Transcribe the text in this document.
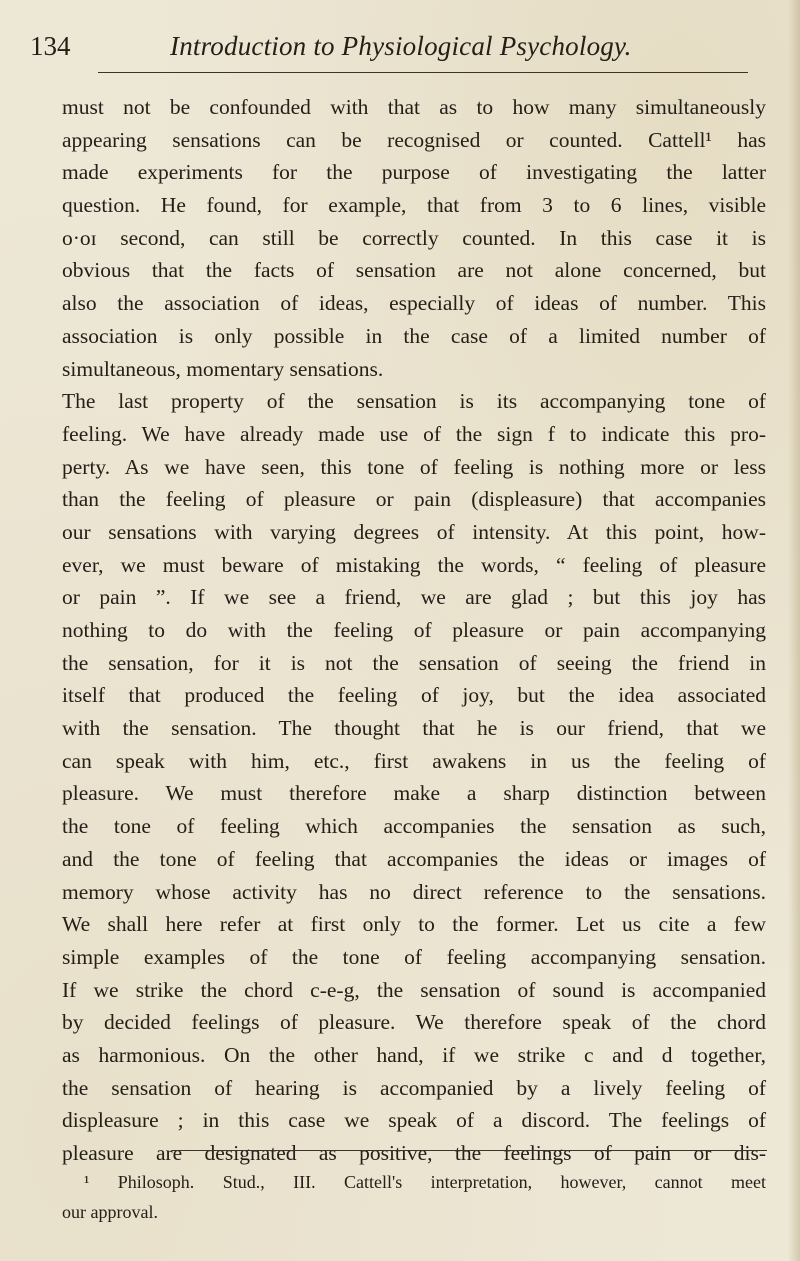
134	Introduction to Physiological Psychology.
must not be confounded with that as to how many simultaneously
appearing sensations can be recognised or counted. Cattell¹ has
made experiments for the purpose of investigating the latter
question. He found, for example, that from 3 to 6 lines, visible
o·oɪ second, can still be correctly counted. In this case it is
obvious that the facts of sensation are not alone concerned, but
also the association of ideas, especially of ideas of number. This
association is only possible in the case of a limited number of
simultaneous, momentary sensations.
The last property of the sensation is its accompanying tone of
feeling. We have already made use of the sign f to indicate this pro-
perty. As we have seen, this tone of feeling is nothing more or less
than the feeling of pleasure or pain (displeasure) that accompanies
our sensations with varying degrees of intensity. At this point, how-
ever, we must beware of mistaking the words, “ feeling of pleasure
or pain ”. If we see a friend, we are glad ; but this joy has
nothing to do with the feeling of pleasure or pain accompanying
the sensation, for it is not the sensation of seeing the friend in
itself that produced the feeling of joy, but the idea associated
with the sensation. The thought that he is our friend, that we
can speak with him, etc., first awakens in us the feeling of
pleasure. We must therefore make a sharp distinction between
the tone of feeling which accompanies the sensation as such,
and the tone of feeling that accompanies the ideas or images of
memory whose activity has no direct reference to the sensations.
We shall here refer at first only to the former. Let us cite a few
simple examples of the tone of feeling accompanying sensation.
If we strike the chord c-e-g, the sensation of sound is accompanied
by decided feelings of pleasure. We therefore speak of the chord
as harmonious. On the other hand, if we strike c and d together,
the sensation of hearing is accompanied by a lively feeling of
displeasure ; in this case we speak of a discord. The feelings of
pleasure are designated as positive, the feelings of pain or dis-
¹ Philosoph. Stud., III. Cattell's interpretation, however, cannot meet
our approval.
